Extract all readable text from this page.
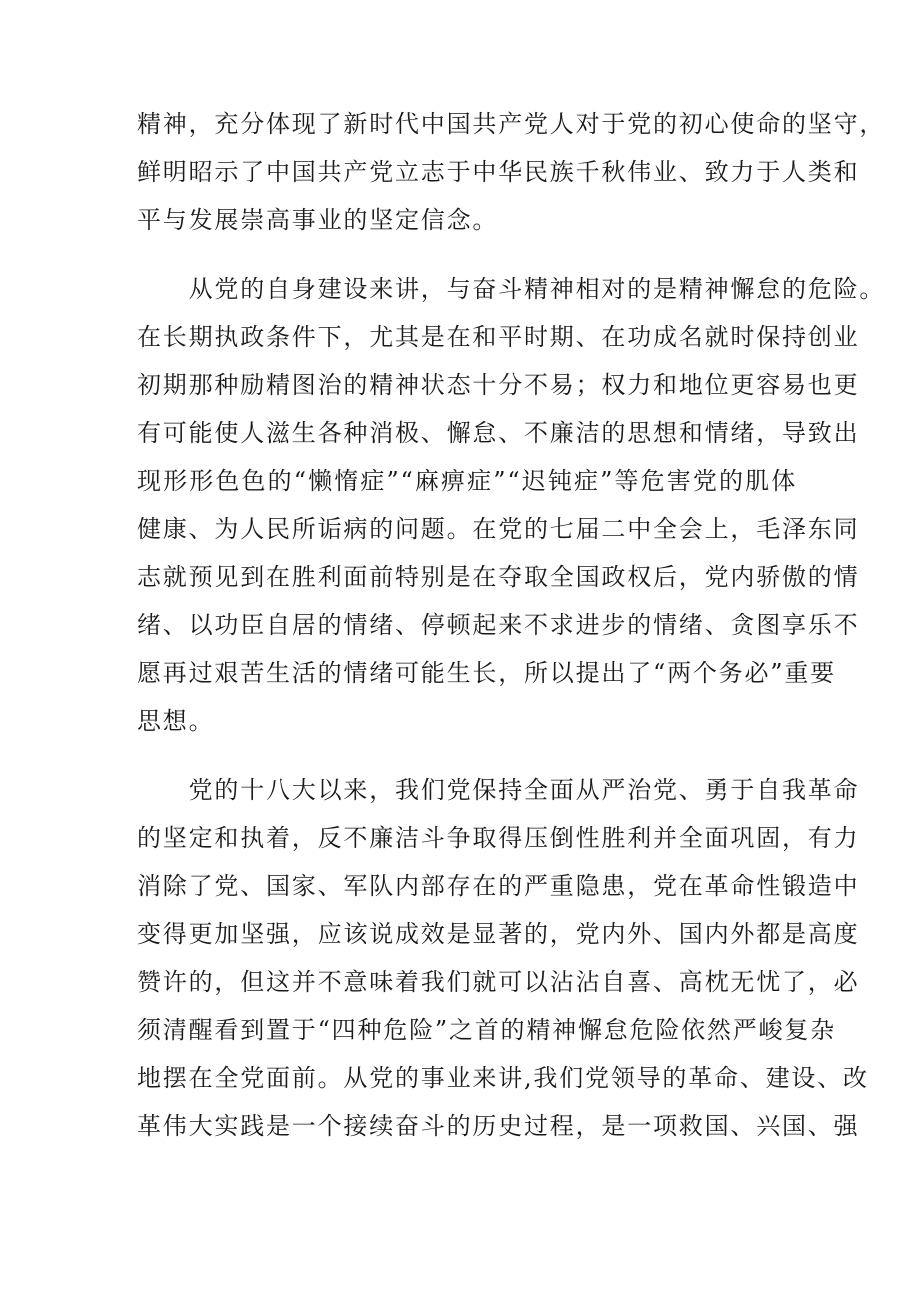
精神，充分体现了新时代中国共产党人对于党的初心使命的坚守，
鲜明昭示了中国共产党立志于中华民族千秋伟业、致力于人类和
平与发展崇高事业的坚定信念。
　　从党的自身建设来讲，与奋斗精神相对的是精神懈怠的危险。
在长期执政条件下，尤其是在和平时期、在功成名就时保持创业
初期那种励精图治的精神状态十分不易；权力和地位更容易也更
有可能使人滋生各种消极、懈怠、不廉洁的思想和情绪，导致出
现形形色色的“懒惰症”“麻痹症”“迟钝症”等危害党的肌体
健康、为人民所诟病的问题。在党的七届二中全会上，毛泽东同
志就预见到在胜利面前特别是在夺取全国政权后，党内骄傲的情
绪、以功臣自居的情绪、停顿起来不求进步的情绪、贪图享乐不
愿再过艰苦生活的情绪可能生长，所以提出了“两个务必”重要
思想。
　　党的十八大以来，我们党保持全面从严治党、勇于自我革命
的坚定和执着，反不廉洁斗争取得压倒性胜利并全面巩固，有力
消除了党、国家、军队内部存在的严重隐患，党在革命性锻造中
变得更加坚强，应该说成效是显著的，党内外、国内外都是高度
赞许的，但这并不意味着我们就可以沾沾自喜、高枕无忧了，必
须清醒看到置于“四种危险”之首的精神懈怠危险依然严峻复杂
地摆在全党面前。从党的事业来讲,我们党领导的革命、建设、改
革伟大实践是一个接续奋斗的历史过程，是一项救国、兴国、强
